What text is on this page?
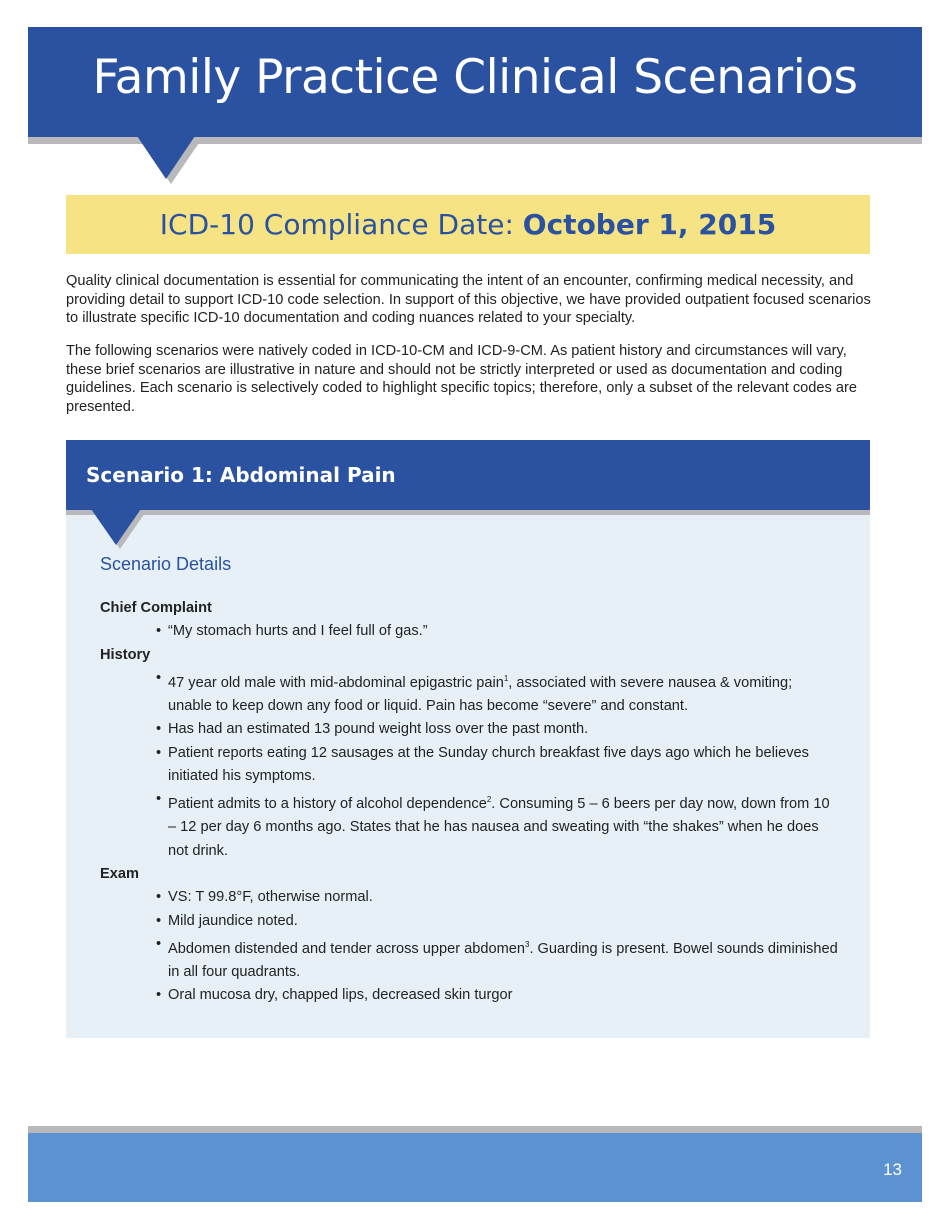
Family Practice Clinical Scenarios
ICD-10 Compliance Date: October 1, 2015

Quality clinical documentation is essential for communicating the intent of an encounter, confirming medical necessity, and providing detail to support ICD-10 code selection. In support of this objective, we have provided outpatient focused scenarios to illustrate specific ICD-10 documentation and coding nuances related to your specialty.

The following scenarios were natively coded in ICD-10-CM and ICD-9-CM. As patient history and circumstances will vary, these brief scenarios are illustrative in nature and should not be strictly interpreted or used as documentation and coding guidelines. Each scenario is selectively coded to highlight specific topics; therefore, only a subset of the relevant codes are presented.

Scenario 1: Abdominal Pain
Scenario Details

Chief Complaint

• “My stomach hurts and I feel full of gas.”

History

• 47 year old male with mid-abdominal epigastric pain$^1$, associated with severe nausea & vomiting; unable to keep down any food or liquid. Pain has become “severe” and constant.
• Has had an estimated 13 pound weight loss over the past month.
• Patient reports eating 12 sausages at the Sunday church breakfast five days ago which he believes initiated his symptoms.
• Patient admits to a history of alcohol dependence$^2$. Consuming 5 – 6 beers per day now, down from 10 – 12 per day 6 months ago. States that he has nausea and sweating with “the shakes” when he does not drink.

Exam

• VS: T 99.8°F, otherwise normal.
• Mild jaundice noted.
• Abdomen distended and tender across upper abdomen$^3$. Guarding is present. Bowel sounds diminished in all four quadrants.
• Oral mucosa dry, chapped lips, decreased skin turgor
13
